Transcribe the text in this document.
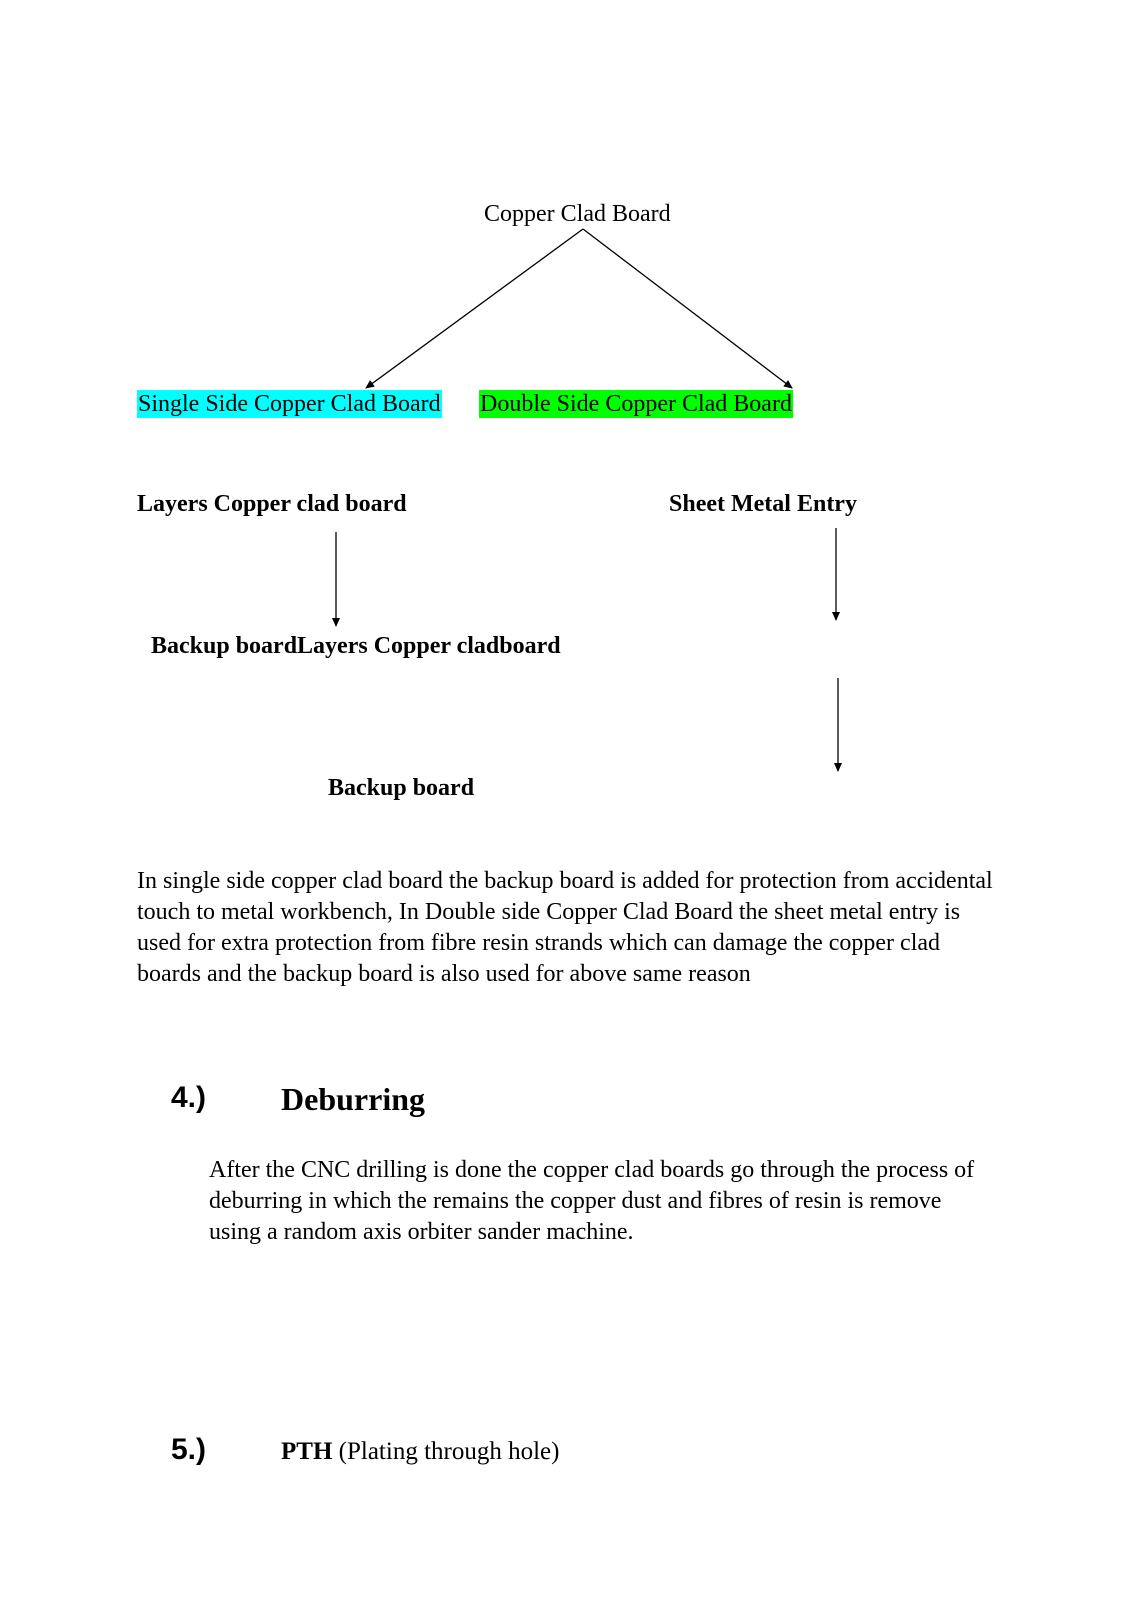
Copper Clad Board
Single Side Copper Clad Board Double Side Copper Clad Board
Layers Copper clad board	Sheet Metal Entry
Backup boardLayers Copper cladboard
Backup board

In single side copper clad board the backup board is added for protection from accidental touch to metal workbench, In Double side Copper Clad Board the sheet metal entry is used for extra protection from fibre resin strands which can damage the copper clad boards and the backup board is also used for above same reason

4.) Deburring

After the CNC drilling is done the copper clad boards go through the process of deburring in which the remains the copper dust and fibres of resin is remove using a random axis orbiter sander machine.

5.)	PTH (Plating through hole)
